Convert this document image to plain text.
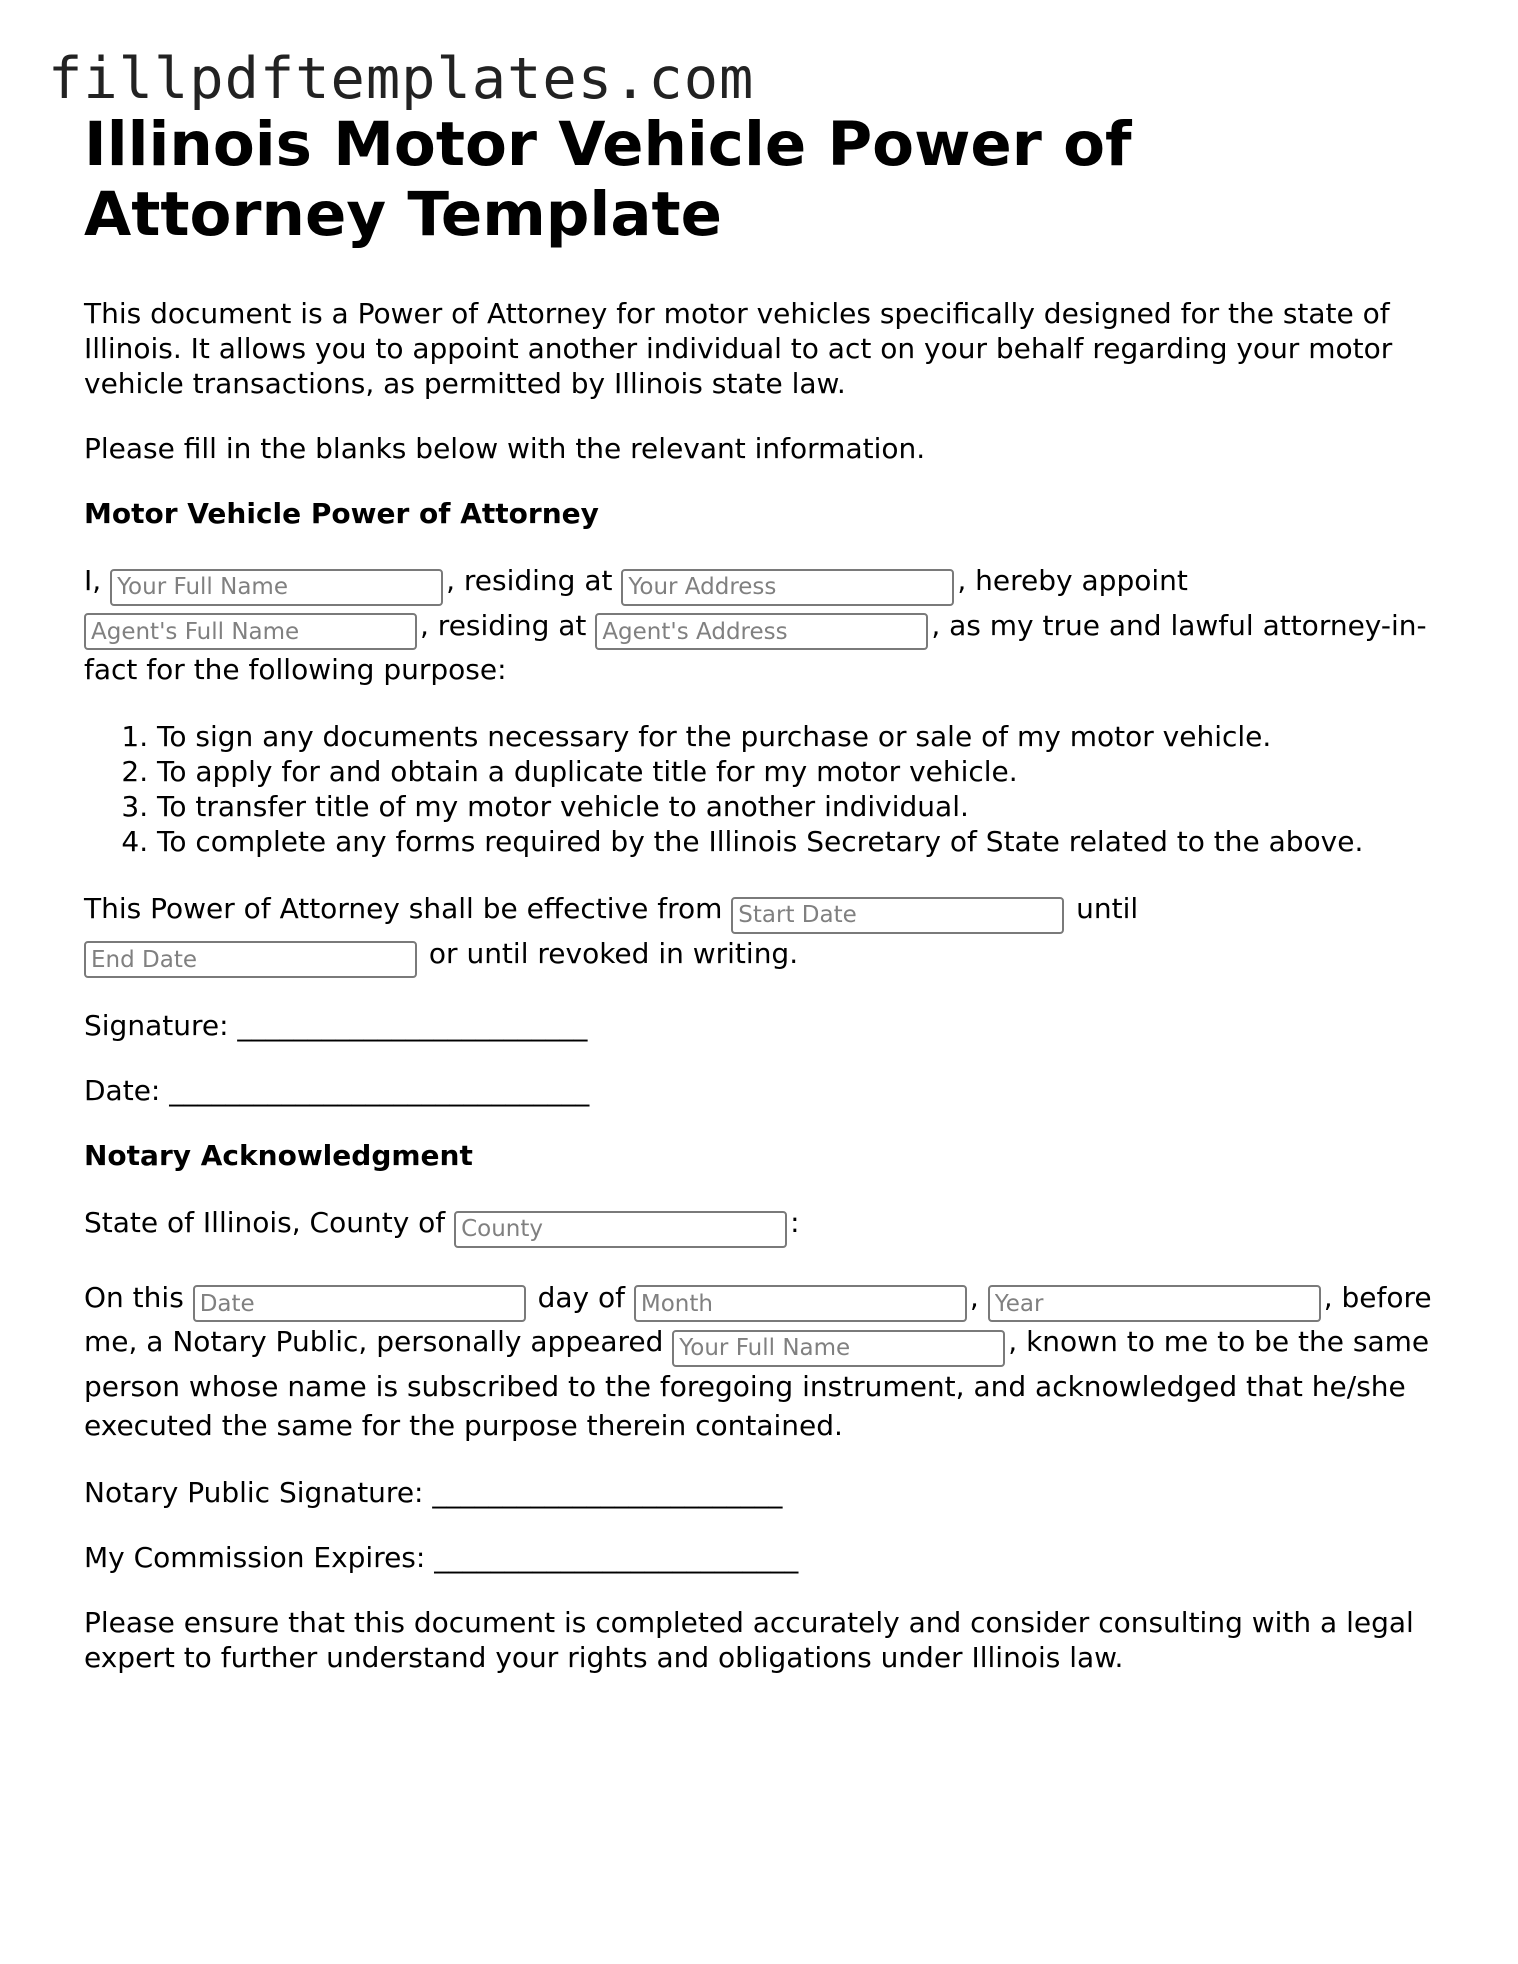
fillpdftemplates.com
Illinois Motor Vehicle Power of Attorney Template

This document is a Power of Attorney for motor vehicles specifically designed for the state of Illinois. It allows you to appoint another individual to act on your behalf regarding your motor vehicle transactions, as permitted by Illinois state law.

Please fill in the blanks below with the relevant information.

Motor Vehicle Power of Attorney
I, Your Full Name	, residing at Your Address	, hereby appoint Agent's Full Name, residing at Agent's Address	, as my true and lawful attorney-in-fact for the following purpose:
1. To sign any documents necessary for the purchase or sale of my motor vehicle.
2. To apply for and obtain a duplicate title for my motor vehicle.
3. To transfer title of my motor vehicle to another individual.
4. To complete any forms required by the Illinois Secretary of State related to the above.
This Power of Attorney shall be effective from Start Date	until End Date or until revoked in writing.

Signature: _________________________

Date: ______________________________

Notary Acknowledgment
State of Illinois, County of County	:
On this Date	day of Month	, Year	, before me, a Notary Public, personally appeared Your Full Name	, known to me to be the same person whose name is subscribed to the foregoing instrument, and acknowledged that he/she executed the same for the purpose therein contained.

Notary Public Signature: _________________________

My Commission Expires: __________________________

Please ensure that this document is completed accurately and consider consulting with a legal expert to further understand your rights and obligations under Illinois law.
